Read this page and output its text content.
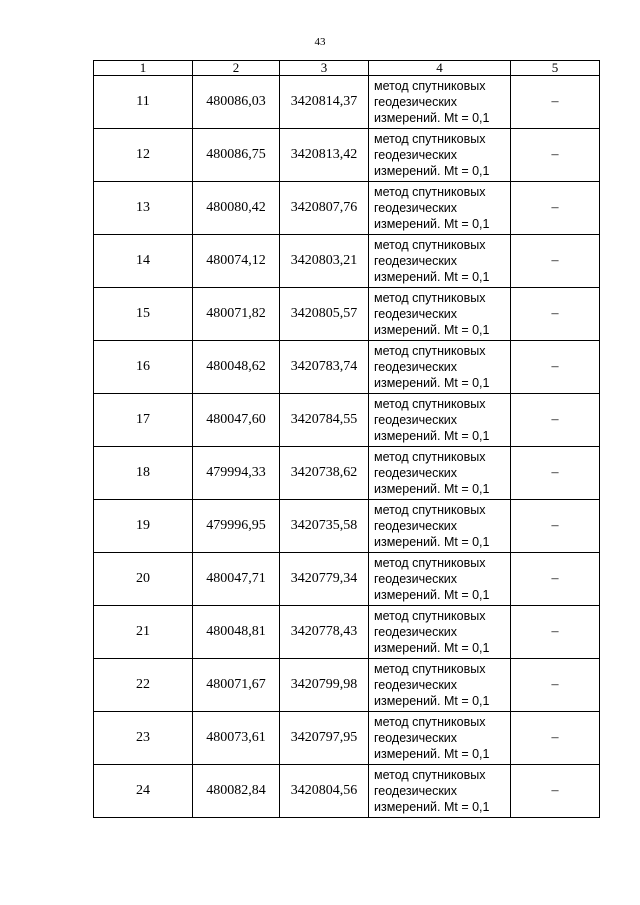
43
1	2	3	4	5
11	480086,03	3420814,37	метод спутниковых
геодезических
измерений. Mt = 0,1	–
12	480086,75	3420813,42	метод спутниковых
геодезических
измерений. Mt = 0,1	–
13	480080,42	3420807,76	метод спутниковых
геодезических
измерений. Mt = 0,1	–
14	480074,12	3420803,21	метод спутниковых
геодезических
измерений. Mt = 0,1	–
15	480071,82	3420805,57	метод спутниковых
геодезических
измерений. Mt = 0,1	–
16	480048,62	3420783,74	метод спутниковых
геодезических
измерений. Mt = 0,1	–
17	480047,60	3420784,55	метод спутниковых
геодезических
измерений. Mt = 0,1	–
18	479994,33	3420738,62	метод спутниковых
геодезических
измерений. Mt = 0,1	–
19	479996,95	3420735,58	метод спутниковых
геодезических
измерений. Mt = 0,1	–
20	480047,71	3420779,34	метод спутниковых
геодезических
измерений. Mt = 0,1	–
21	480048,81	3420778,43	метод спутниковых
геодезических
измерений. Mt = 0,1	–
22	480071,67	3420799,98	метод спутниковых
геодезических
измерений. Mt = 0,1	–
23	480073,61	3420797,95	метод спутниковых
геодезических
измерений. Mt = 0,1	–
24	480082,84	3420804,56	метод спутниковых
геодезических
измерений. Mt = 0,1	–
